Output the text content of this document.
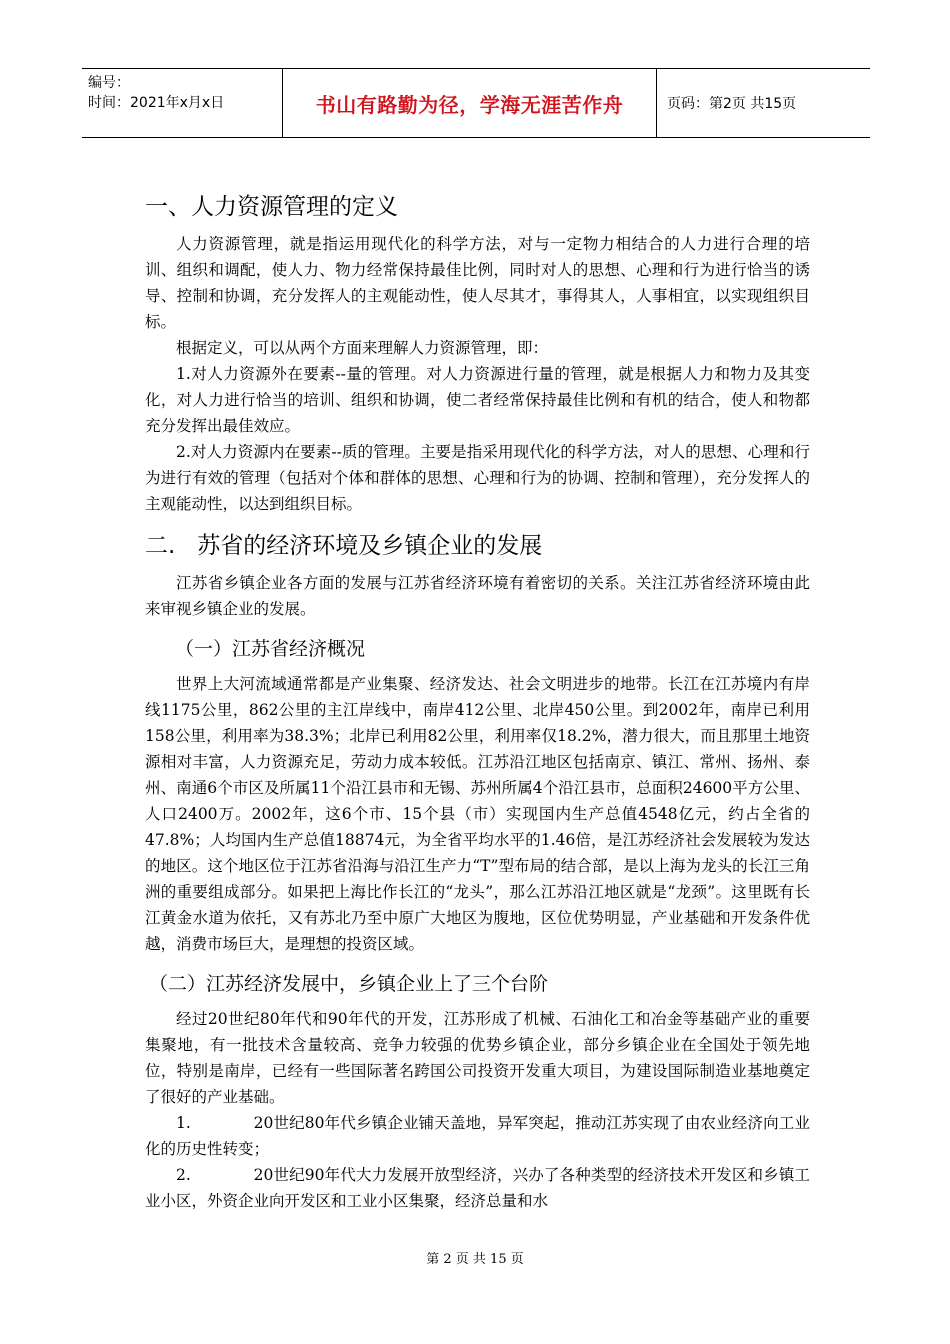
编号：
时间：2021年x月x日	书山有路勤为径，学海无涯苦作舟	页码：第2页 共15页
一、人力资源管理的定义

人力资源管理，就是指运用现代化的科学方法，对与一定物力相结合的人力进行合理的培训、组织和调配，使人力、物力经常保持最佳比例，同时对人的思想、心理和行为进行恰当的诱导、控制和协调，充分发挥人的主观能动性，使人尽其才，事得其人，人事相宜，以实现组织目标。

根据定义，可以从两个方面来理解人力资源管理，即：

1.对人力资源外在要素--量的管理。对人力资源进行量的管理，就是根据人力和物力及其变化，对人力进行恰当的培训、组织和协调，使二者经常保持最佳比例和有机的结合，使人和物都充分发挥出最佳效应。

2.对人力资源内在要素--质的管理。主要是指采用现代化的科学方法，对人的思想、心理和行为进行有效的管理（包括对个体和群体的思想、心理和行为的协调、控制和管理），充分发挥人的主观能动性，以达到组织目标。

二.   苏省的经济环境及乡镇企业的发展

江苏省乡镇企业各方面的发展与江苏省经济环境有着密切的关系。关注江苏省经济环境由此来审视乡镇企业的发展。

（一）江苏省经济概况

世界上大河流域通常都是产业集聚、经济发达、社会文明进步的地带。长江在江苏境内有岸线1175公里，862公里的主江岸线中，南岸412公里、北岸450公里。到2002年，南岸已利用158公里，利用率为38.3%；北岸已利用82公里，利用率仅18.2%，潜力很大，而且那里土地资源相对丰富，人力资源充足，劳动力成本较低。江苏沿江地区包括南京、镇江、常州、扬州、泰州、南通6个市区及所属11个沿江县市和无锡、苏州所属4个沿江县市，总面积24600平方公里、人口2400万。2002年，这6个市、15个县（市）实现国内生产总值4548亿元，约占全省的47.8%；人均国内生产总值18874元，为全省平均水平的1.46倍，是江苏经济社会发展较为发达的地区。这个地区位于江苏省沿海与沿江生产力“T”型布局的结合部，是以上海为龙头的长江三角洲的重要组成部分。如果把上海比作长江的“龙头”，那么江苏沿江地区就是“龙颈”。这里既有长江黄金水道为依托，又有苏北乃至中原广大地区为腹地，区位优势明显，产业基础和开发条件优越，消费市场巨大，是理想的投资区域。

（二）江苏经济发展中，乡镇企业上了三个台阶

经过20世纪80年代和90年代的开发，江苏形成了机械、石油化工和冶金等基础产业的重要　　集聚地，有一批技术含量较高、竞争力较强的优势乡镇企业，部分乡镇企业在全国处于领先地位，特别是南岸，已经有一些国际著名跨国公司投资开发重大项目，为建设国际制造业基地奠定了很好的产业基础。

1.　　　　20世纪80年代乡镇企业铺天盖地，异军突起，推动江苏实现了由农业经济向工业化的历史性转变；

2.　　　　20世纪90年代大力发展开放型经济，兴办了各种类型的经济技术开发区和乡镇工业小区，外资企业向开发区和工业小区集聚，经济总量和水

第 2 页 共 15 页
